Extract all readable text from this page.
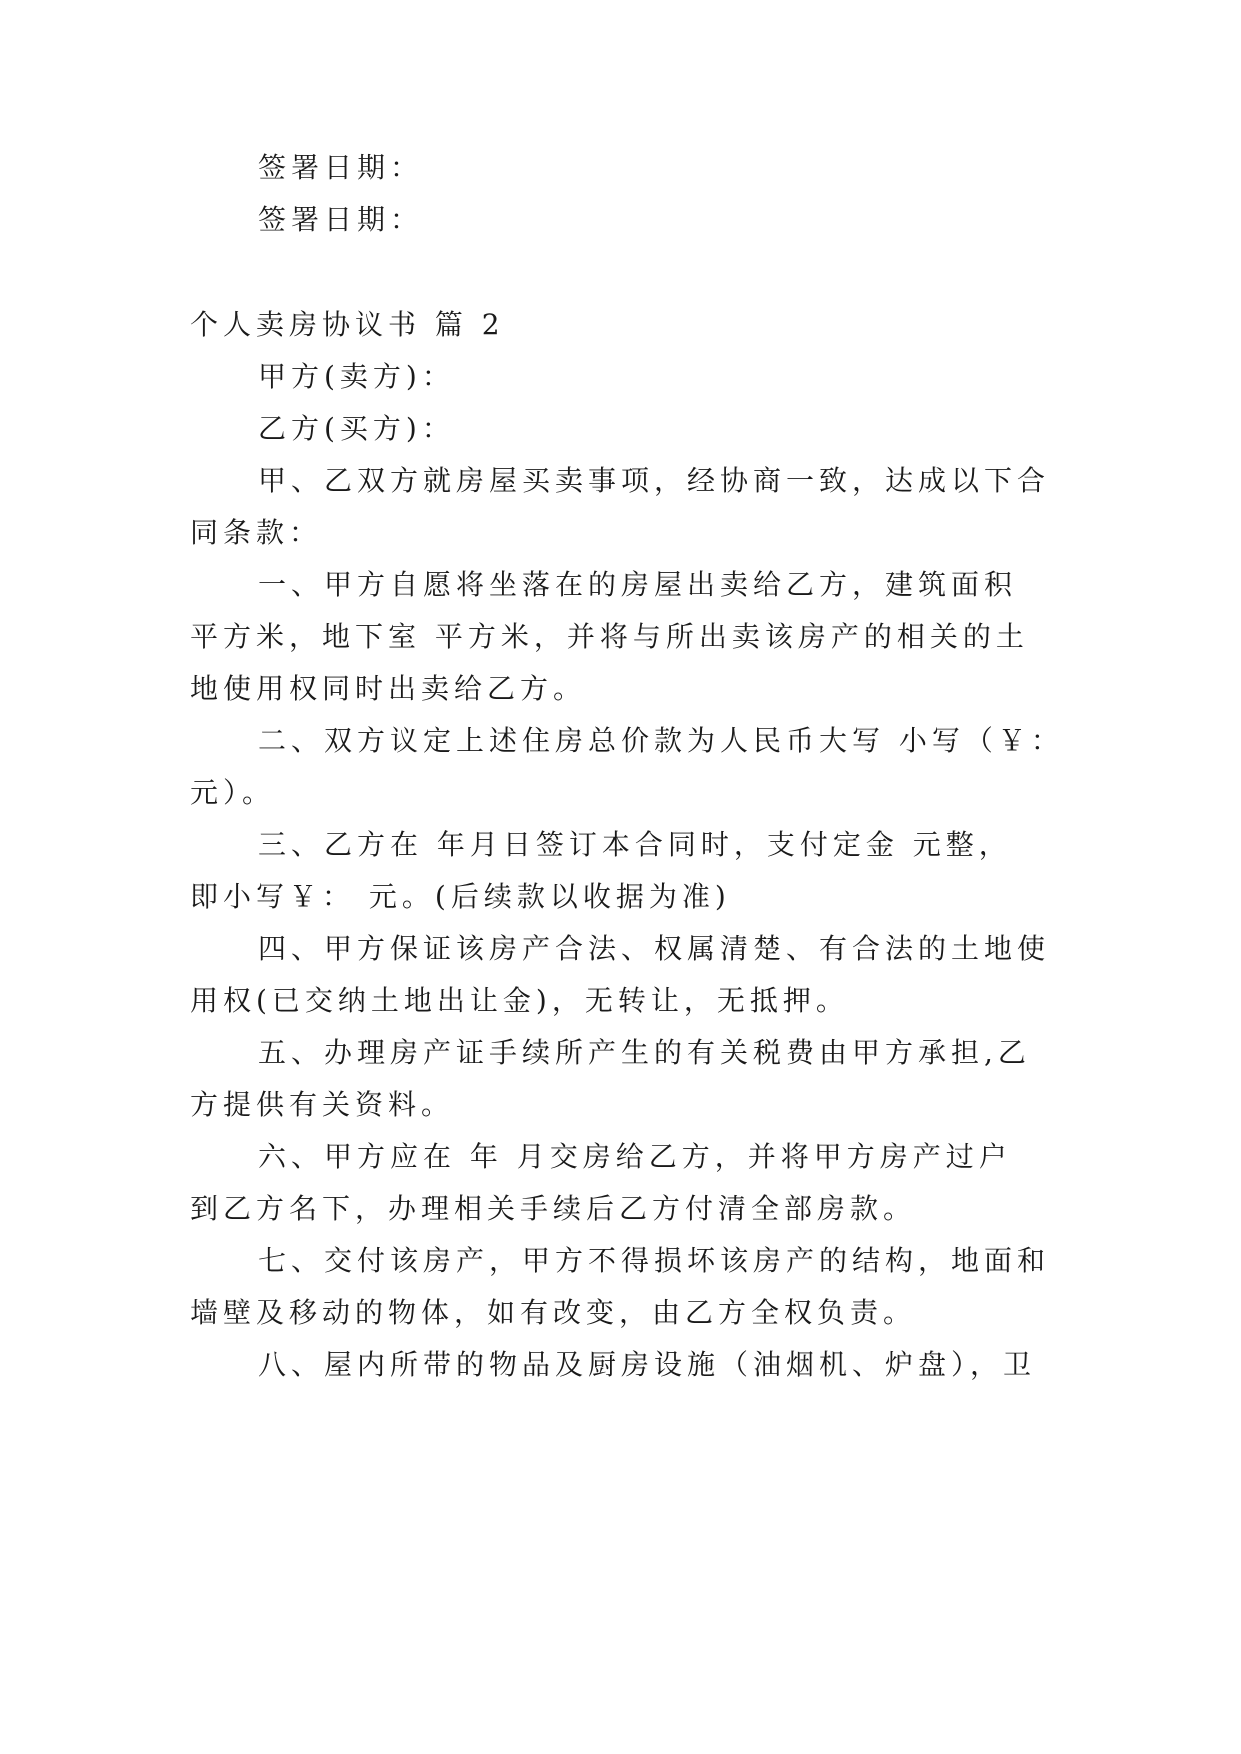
签署日期：
签署日期：
个人卖房协议书 篇 2
甲方(卖方)：
乙方(买方)：
甲、乙双方就房屋买卖事项，经协商一致，达成以下合
同条款：
一、甲方自愿将坐落在的房屋出卖给乙方，建筑面积
平方米，地下室 平方米，并将与所出卖该房产的相关的土
地使用权同时出卖给乙方。
二、双方议定上述住房总价款为人民币大写 小写（￥：
元）。
三、乙方在 年月日签订本合同时，支付定金 元整，
即小写￥： 元。(后续款以收据为准)
四、甲方保证该房产合法、权属清楚、有合法的土地使
用权(已交纳土地出让金)，无转让，无抵押。
五、办理房产证手续所产生的有关税费由甲方承担,乙
方提供有关资料。
六、甲方应在 年 月交房给乙方，并将甲方房产过户
到乙方名下，办理相关手续后乙方付清全部房款。
七、交付该房产，甲方不得损坏该房产的结构，地面和
墙壁及移动的物体，如有改变，由乙方全权负责。
八、屋内所带的物品及厨房设施（油烟机、炉盘），卫
